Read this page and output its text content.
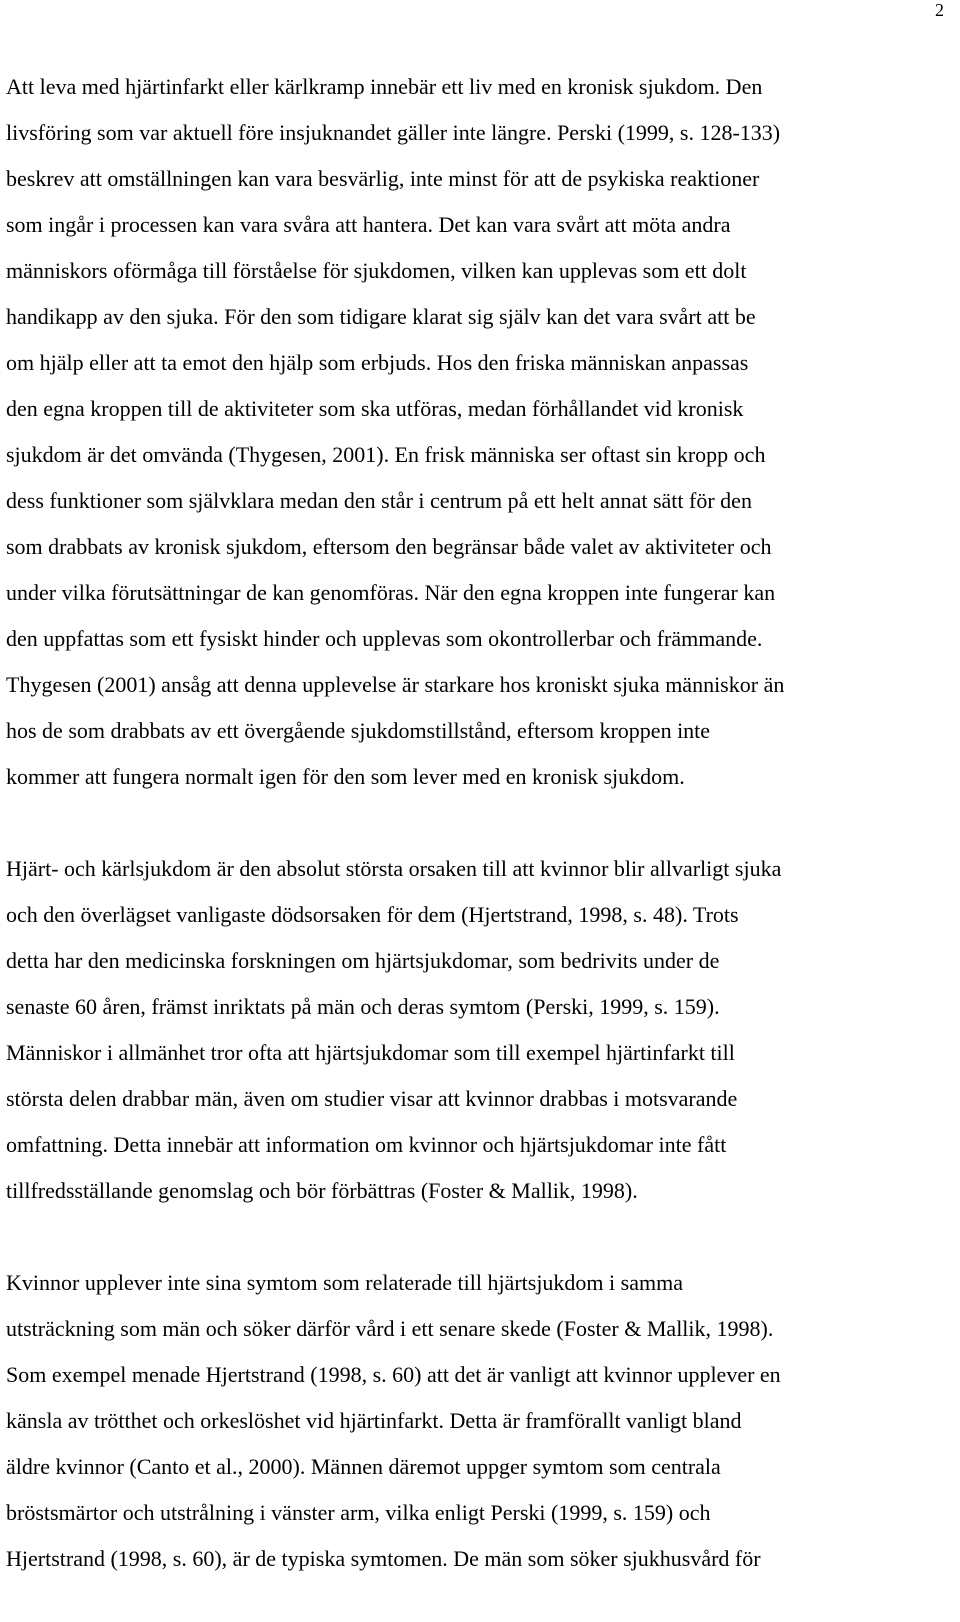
2

Att leva med hjärtinfarkt eller kärlkramp innebär ett liv med en kronisk sjukdom. Den

livsföring som var aktuell före insjuknandet gäller inte längre. Perski (1999, s. 128-133)

beskrev att omställningen kan vara besvärlig, inte minst för att de psykiska reaktioner

som ingår i processen kan vara svåra att hantera. Det kan vara svårt att möta andra

människors oförmåga till förståelse för sjukdomen, vilken kan upplevas som ett dolt

handikapp av den sjuka. För den som tidigare klarat sig själv kan det vara svårt att be

om hjälp eller att ta emot den hjälp som erbjuds. Hos den friska människan anpassas

den egna kroppen till de aktiviteter som ska utföras, medan förhållandet vid kronisk

sjukdom är det omvända (Thygesen, 2001). En frisk människa ser oftast sin kropp och

dess funktioner som självklara medan den står i centrum på ett helt annat sätt för den

som drabbats av kronisk sjukdom, eftersom den begränsar både valet av aktiviteter och

under vilka förutsättningar de kan genomföras. När den egna kroppen inte fungerar kan

den uppfattas som ett fysiskt hinder och upplevas som okontrollerbar och främmande.

Thygesen (2001) ansåg att denna upplevelse är starkare hos kroniskt sjuka människor än

hos de som drabbats av ett övergående sjukdomstillstånd, eftersom kroppen inte

kommer att fungera normalt igen för den som lever med en kronisk sjukdom.

Hjärt- och kärlsjukdom är den absolut största orsaken till att kvinnor blir allvarligt sjuka

och den överlägset vanligaste dödsorsaken för dem (Hjertstrand, 1998, s. 48). Trots

detta har den medicinska forskningen om hjärtsjukdomar, som bedrivits under de

senaste 60 åren, främst inriktats på män och deras symtom (Perski, 1999, s. 159).

Människor i allmänhet tror ofta att hjärtsjukdomar som till exempel hjärtinfarkt till

största delen drabbar män, även om studier visar att kvinnor drabbas i motsvarande

omfattning. Detta innebär att information om kvinnor och hjärtsjukdomar inte fått

tillfredsställande genomslag och bör förbättras (Foster & Mallik, 1998).

Kvinnor upplever inte sina symtom som relaterade till hjärtsjukdom i samma

utsträckning som män och söker därför vård i ett senare skede (Foster & Mallik, 1998).

Som exempel menade Hjertstrand (1998, s. 60) att det är vanligt att kvinnor upplever en

känsla av trötthet och orkeslöshet vid hjärtinfarkt. Detta är framförallt vanligt bland

äldre kvinnor (Canto et al., 2000). Männen däremot uppger symtom som centrala

bröstsmärtor och utstrålning i vänster arm, vilka enligt Perski (1999, s. 159) och

Hjertstrand (1998, s. 60), är de typiska symtomen. De män som söker sjukhusvård för
